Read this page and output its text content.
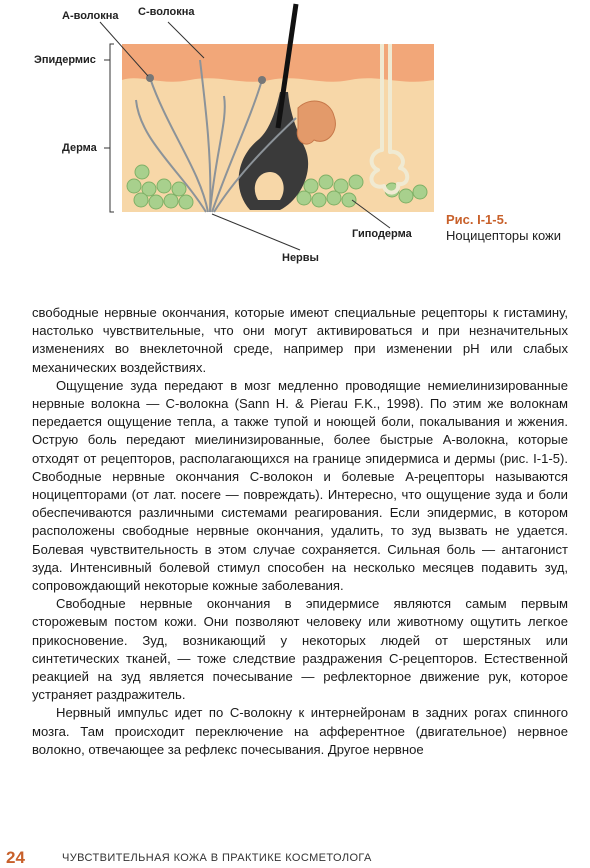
А-волокна С-волокна
Эпидермис
Дерма
Гиподерма
Нервы
Рис. I-1-5.
Ноцицепторы кожи

свободные нервные окончания, которые имеют специальные рецепторы к гистамину, настолько чувствительные, что они могут активироваться и при незначительных изменениях во внеклеточной среде, например при изменении pH или слабых механических воздействиях.

Ощущение зуда передают в мозг медленно проводящие немиелинизированные нервные волокна — С-волокна (Sann H. & Pierau F.K., 1998). По этим же волокнам передается ощущение тепла, а также тупой и ноющей боли, покалывания и жжения. Острую боль передают миелинизированные, более быстрые А-волокна, которые отходят от рецепторов, располагающихся на границе эпидермиса и дермы (рис. I-1-5). Свободные нервные окончания С-волокон и болевые А-рецепторы называются ноцицепторами (от лат. nocere — повреждать). Интересно, что ощущение зуда и боли обеспечиваются различными системами реагирования. Если эпидермис, в котором расположены свободные нервные окончания, удалить, то зуд вызвать не удается. Болевая чувствительность в этом случае сохраняется. Сильная боль — антагонист зуда. Интенсивный болевой стимул способен на несколько месяцев подавить зуд, сопровождающий некоторые кожные заболевания.

Свободные нервные окончания в эпидермисе являются самым первым сторожевым постом кожи. Они позволяют человеку или животному ощутить легкое прикосновение. Зуд, возникающий у некоторых людей от шерстяных или синтетических тканей, — тоже следствие раздражения С-рецепторов. Естественной реакцией на зуд является почесывание — рефлекторное движение рук, которое устраняет раздражитель.

Нервный импульс идет по С-волокну к интернейронам в задних рогах спинного мозга. Там происходит переключение на афферентное (двигательное) нервное волокно, отвечающее за рефлекс почесывания. Другое нервное

24	ЧУВСТВИТЕЛЬНАЯ КОЖА В ПРАКТИКЕ КОСМЕТОЛОГА
